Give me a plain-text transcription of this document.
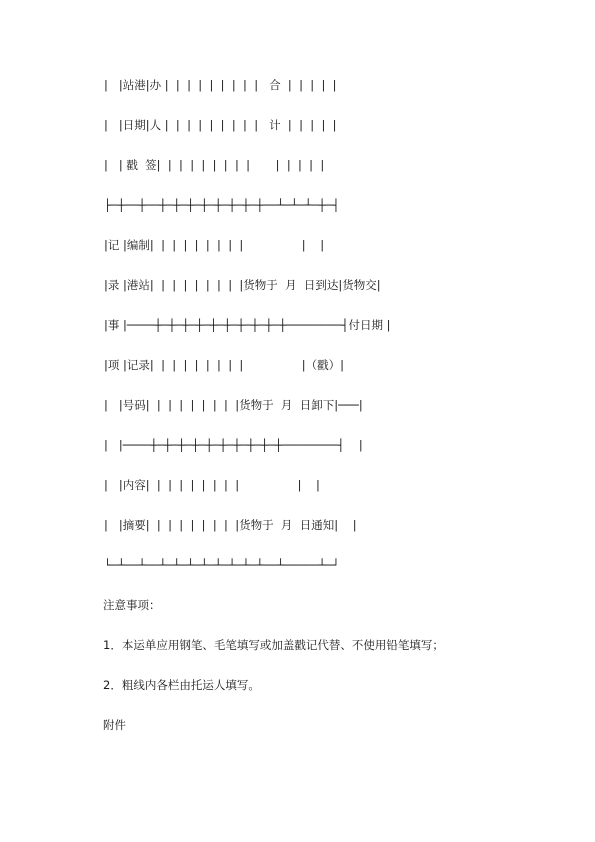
|   |站港|办 |  |  |  |  |  |  |  |  |   合  |  |  |  |  |
|   |日期|人 |  |  |  |  |  |  |  |  |   计  |  |  |  |  |
|   | 戳  签|  |  |  |  |  |  |  |  |       |  |  |  |  |
├─┼──┼──┼─┼─┼─┼─┼─┼─┼─┼──┴─┴─┴─┼─┤
|记 |编制|  |  |  |  |  |  |  |  |                |    |
|录 |港站|  |  |  |  |  |  |  |  |货物于  月  日到达|货物交|
|事 |────┼─┼─┼─┼─┼─┼─┼─┼─┼─┼────────┤付日期 |
|项 |记录|  |  |  |  |  |  |  |  |                |（戳）|
|   |号码|  |  |  |  |  |  |  |  |货物于  月  日卸下|───|
|   |────┼─┼─┼─┼─┼─┼─┼─┼─┼─┼────────┤    |
|   |内容|  |  |  |  |  |  |  |  |                |    |
|   |摘要|  |  |  |  |  |  |  |  |货物于  月  日通知|    |
└─┴──┴──┴─┴─┴─┴─┴─┴─┴─┴──┴─────┴─┘
注意事项：
1．本运单应用钢笔、毛笔填写或加盖戳记代替、不使用铅笔填写；
2．粗线内各栏由托运人填写。
附件
